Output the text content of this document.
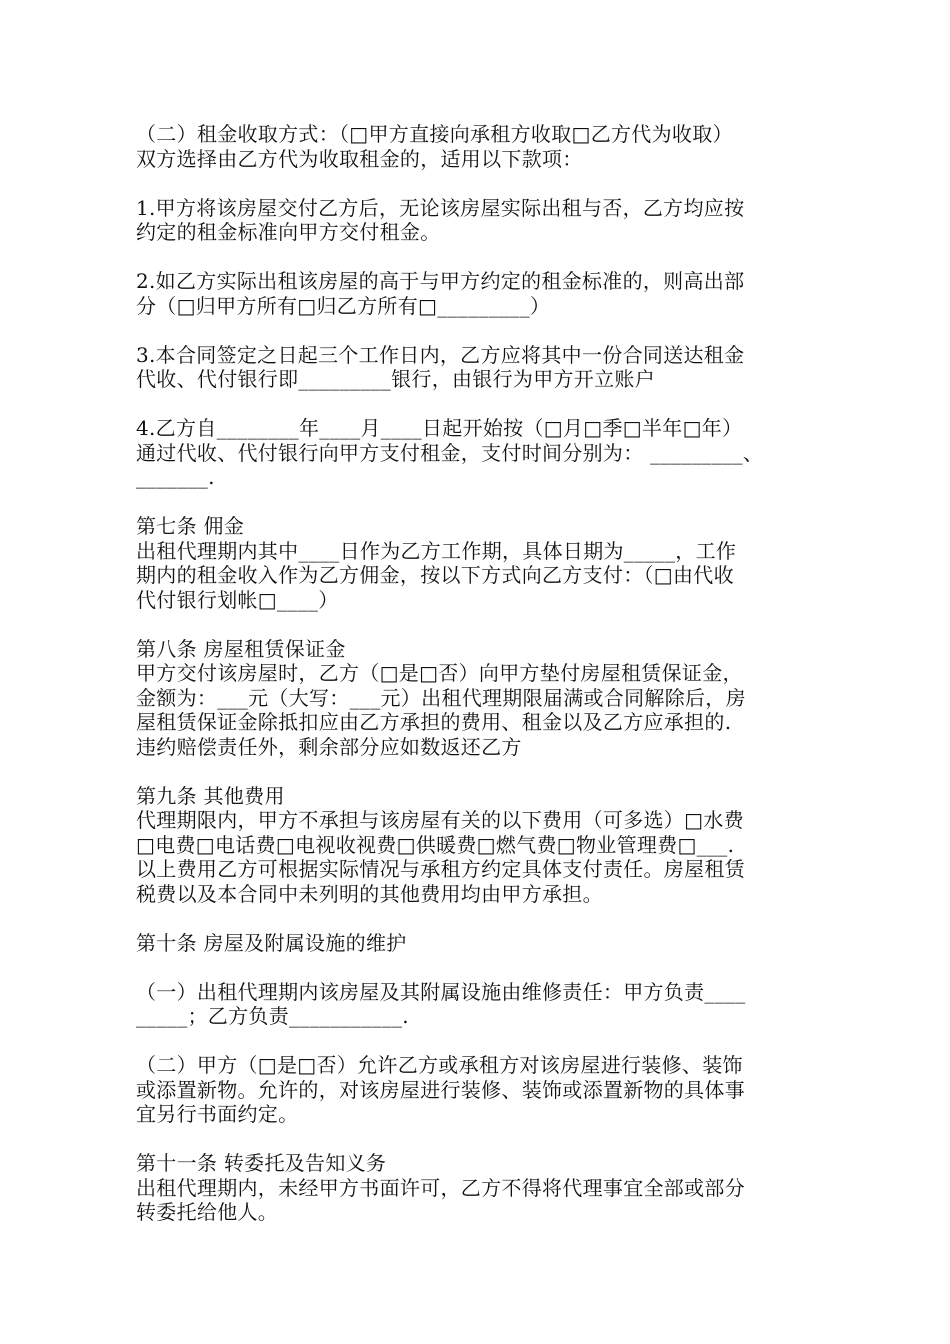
（二）租金收取方式：（□甲方直接向承租方收取□乙方代为收取）
双方选择由乙方代为收取租金的，适用以下款项：
1.甲方将该房屋交付乙方后，无论该房屋实际出租与否，乙方均应按
约定的租金标准向甲方交付租金。
2.如乙方实际出租该房屋的高于与甲方约定的租金标准的，则高出部
分（□归甲方所有□归乙方所有□_________）
3.本合同签定之日起三个工作日内，乙方应将其中一份合同送达租金
代收、代付银行即_________银行，由银行为甲方开立账户
4.乙方自________年____月____日起开始按（□月□季□半年□年）
通过代收、代付银行向甲方支付租金，支付时间分别为： _________、
_______.
第七条 佣金
出租代理期内其中____日作为乙方工作期，具体日期为_____，工作
期内的租金收入作为乙方佣金，按以下方式向乙方支付：（□由代收
代付银行划帐□____）
第八条 房屋租赁保证金
甲方交付该房屋时，乙方（□是□否）向甲方垫付房屋租赁保证金，
金额为：___元（大写：___元）出租代理期限届满或合同解除后，房
屋租赁保证金除抵扣应由乙方承担的费用、租金以及乙方应承担的.
违约赔偿责任外，剩余部分应如数返还乙方
第九条 其他费用
代理期限内，甲方不承担与该房屋有关的以下费用（可多选）□水费
□电费□电话费□电视收视费□供暖费□燃气费□物业管理费□___.
以上费用乙方可根据实际情况与承租方约定具体支付责任。房屋租赁
税费以及本合同中未列明的其他费用均由甲方承担。
第十条 房屋及附属设施的维护
（一）出租代理期内该房屋及其附属设施由维修责任：甲方负责____
_____；乙方负责___________.
（二）甲方（□是□否）允许乙方或承租方对该房屋进行装修、装饰
或添置新物。允许的，对该房屋进行装修、装饰或添置新物的具体事
宜另行书面约定。
第十一条 转委托及告知义务
出租代理期内，未经甲方书面许可，乙方不得将代理事宜全部或部分
转委托给他人。
